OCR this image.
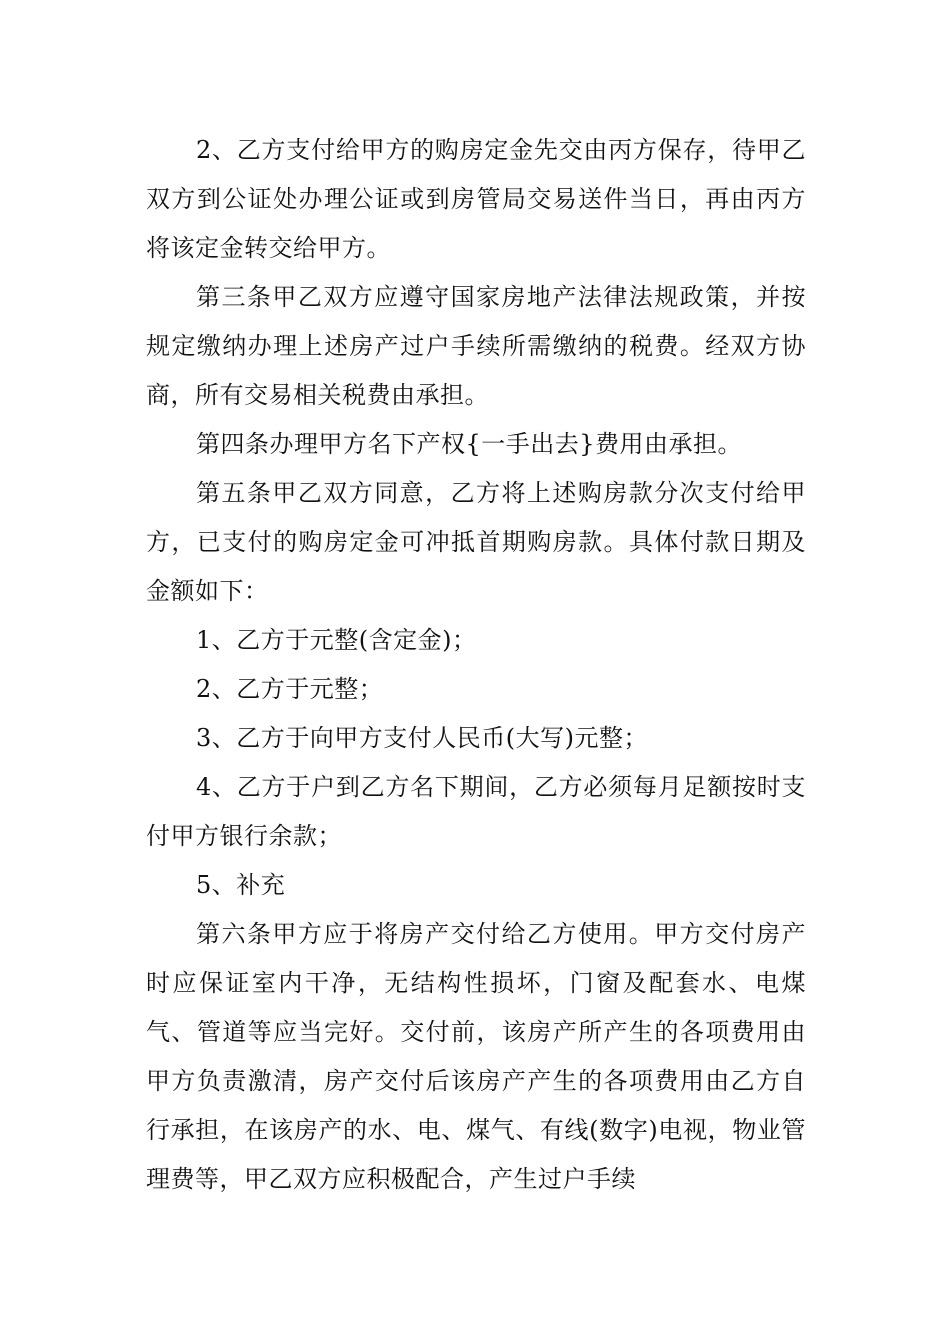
2、乙方支付给甲方的购房定金先交由丙方保存，待甲乙双方到公证处办理公证或到房管局交易送件当日，再由丙方将该定金转交给甲方。

第三条甲乙双方应遵守国家房地产法律法规政策，并按规定缴纳办理上述房产过户手续所需缴纳的税费。经双方协商，所有交易相关税费由承担。

第四条办理甲方名下产权{一手出去}费用由承担。

第五条甲乙双方同意，乙方将上述购房款分次支付给甲方，已支付的购房定金可冲抵首期购房款。具体付款日期及金额如下：

1、乙方于元整(含定金)；

2、乙方于元整；

3、乙方于向甲方支付人民币(大写)元整；

4、乙方于户到乙方名下期间，乙方必须每月足额按时支付甲方银行余款；

5、补充

第六条甲方应于将房产交付给乙方使用。甲方交付房产时应保证室内干净，无结构性损坏，门窗及配套水、电煤气、管道等应当完好。交付前，该房产所产生的各项费用由甲方负责激清，房产交付后该房产产生的各项费用由乙方自行承担，在该房产的水、电、煤气、有线(数字)电视，物业管理费等，甲乙双方应积极配合，产生过户手续
